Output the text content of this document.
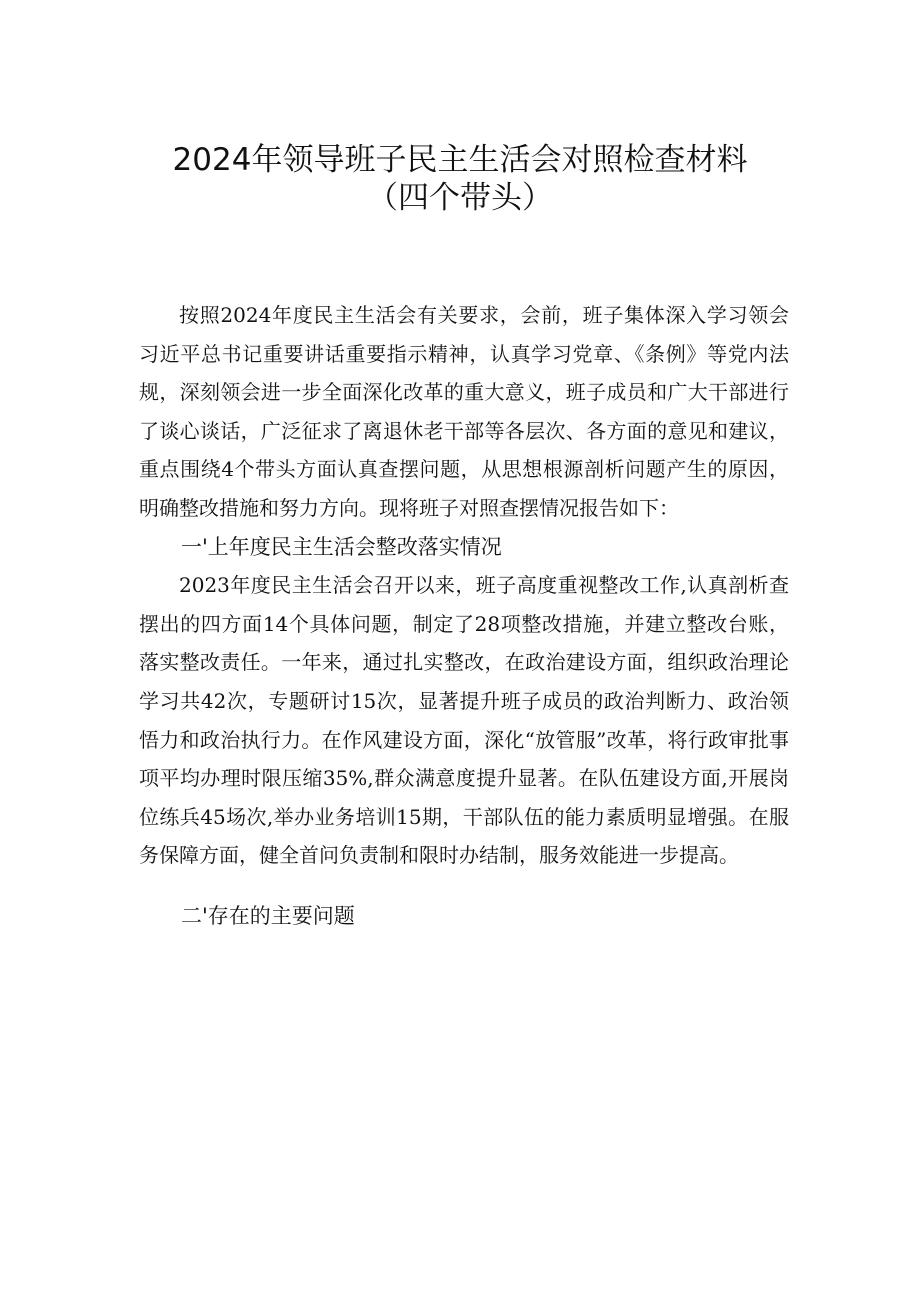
2024年领导班子民主生活会对照检查材料
（四个带头）

按照2024年度民主生活会有关要求，会前，班子集体深入学习领会习近平总书记重要讲话重要指示精神，认真学习党章、《条例》等党内法规，深刻领会进一步全面深化改革的重大意义，班子成员和广大干部进行了谈心谈话，广泛征求了离退休老干部等各层次、各方面的意见和建议，重点围绕4个带头方面认真查摆问题，从思想根源剖析问题产生的原因，明确整改措施和努力方向。现将班子对照查摆情况报告如下：

一'上年度民主生活会整改落实情况

2023年度民主生活会召开以来，班子高度重视整改工作,认真剖析查摆出的四方面14个具体问题，制定了28项整改措施，并建立整改台账，落实整改责任。一年来，通过扎实整改，在政治建设方面，组织政治理论学习共42次，专题研讨15次，显著提升班子成员的政治判断力、政治领悟力和政治执行力。在作风建设方面，深化“放管服”改革，将行政审批事项平均办理时限压缩35%,群众满意度提升显著。在队伍建设方面,开展岗位练兵45场次,举办业务培训15期，干部队伍的能力素质明显增强。在服务保障方面，健全首问负责制和限时办结制，服务效能进一步提高。

二'存在的主要问题
